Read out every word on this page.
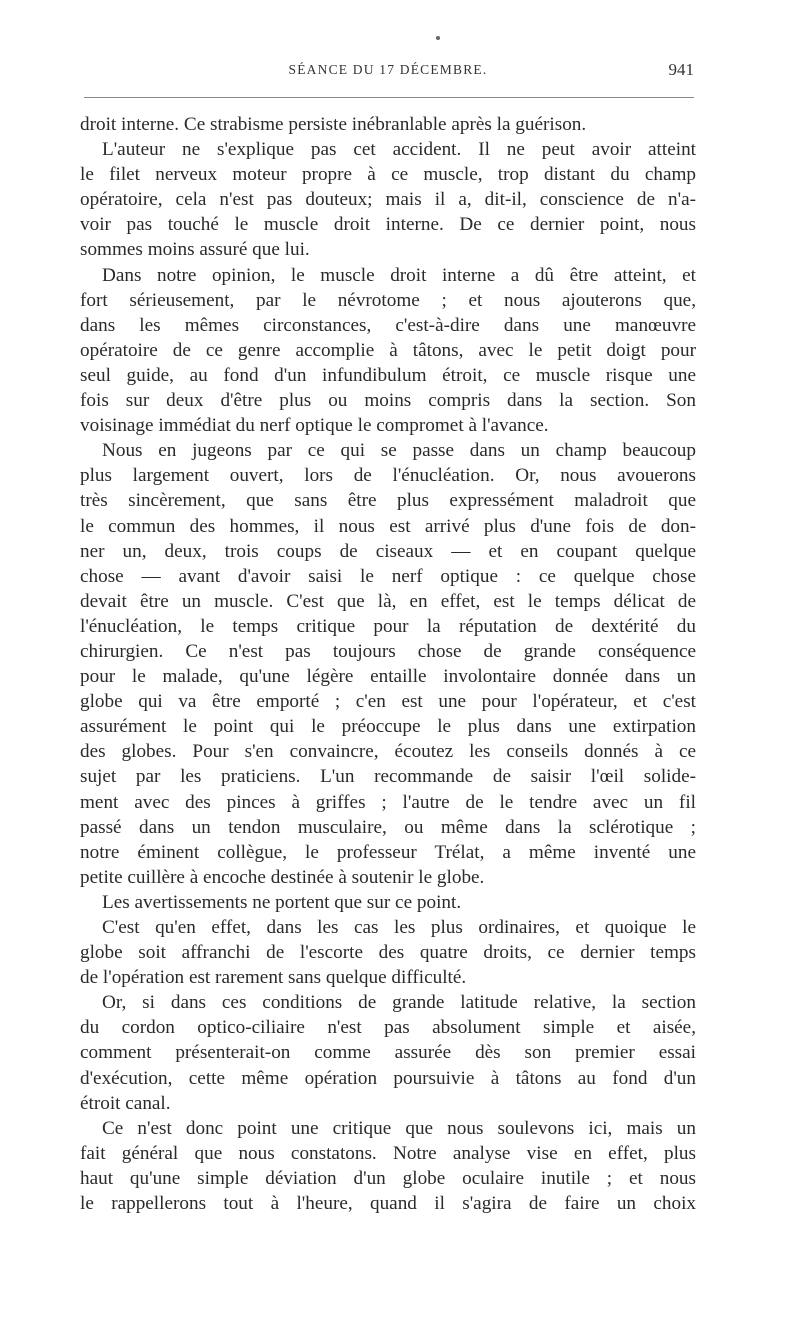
SÉANCE DU 17 DÉCEMBRE.	941
droit interne. Ce strabisme persiste inébranlable après la guérison.
L'auteur ne s'explique pas cet accident. Il ne peut avoir atteint
le filet nerveux moteur propre à ce muscle, trop distant du champ
opératoire, cela n'est pas douteux; mais il a, dit-il, conscience de n'a-
voir pas touché le muscle droit interne. De ce dernier point, nous
sommes moins assuré que lui.
Dans notre opinion, le muscle droit interne a dû être atteint, et
fort sérieusement, par le névrotome ; et nous ajouterons que,
dans les mêmes circonstances, c'est-à-dire dans une manœuvre
opératoire de ce genre accomplie à tâtons, avec le petit doigt pour
seul guide, au fond d'un infundibulum étroit, ce muscle risque une
fois sur deux d'être plus ou moins compris dans la section. Son
voisinage immédiat du nerf optique le compromet à l'avance.
Nous en jugeons par ce qui se passe dans un champ beaucoup
plus largement ouvert, lors de l'énucléation. Or, nous avouerons
très sincèrement, que sans être plus expressément maladroit que
le commun des hommes, il nous est arrivé plus d'une fois de don-
ner un, deux, trois coups de ciseaux — et en coupant quelque
chose — avant d'avoir saisi le nerf optique : ce quelque chose
devait être un muscle. C'est que là, en effet, est le temps délicat de
l'énucléation, le temps critique pour la réputation de dextérité du
chirurgien. Ce n'est pas toujours chose de grande conséquence
pour le malade, qu'une légère entaille involontaire donnée dans un
globe qui va être emporté ; c'en est une pour l'opérateur, et c'est
assurément le point qui le préoccupe le plus dans une extirpation
des globes. Pour s'en convaincre, écoutez les conseils donnés à ce
sujet par les praticiens. L'un recommande de saisir l'œil solide-
ment avec des pinces à griffes ; l'autre de le tendre avec un fil
passé dans un tendon musculaire, ou même dans la sclérotique ;
notre éminent collègue, le professeur Trélat, a même inventé une
petite cuillère à encoche destinée à soutenir le globe.
Les avertissements ne portent que sur ce point.
C'est qu'en effet, dans les cas les plus ordinaires, et quoique le
globe soit affranchi de l'escorte des quatre droits, ce dernier temps
de l'opération est rarement sans quelque difficulté.
Or, si dans ces conditions de grande latitude relative, la section
du cordon optico-ciliaire n'est pas absolument simple et aisée,
comment présenterait-on comme assurée dès son premier essai
d'exécution, cette même opération poursuivie à tâtons au fond d'un
étroit canal.
Ce n'est donc point une critique que nous soulevons ici, mais un
fait général que nous constatons. Notre analyse vise en effet, plus
haut qu'une simple déviation d'un globe oculaire inutile ; et nous
le rappellerons tout à l'heure, quand il s'agira de faire un choix
